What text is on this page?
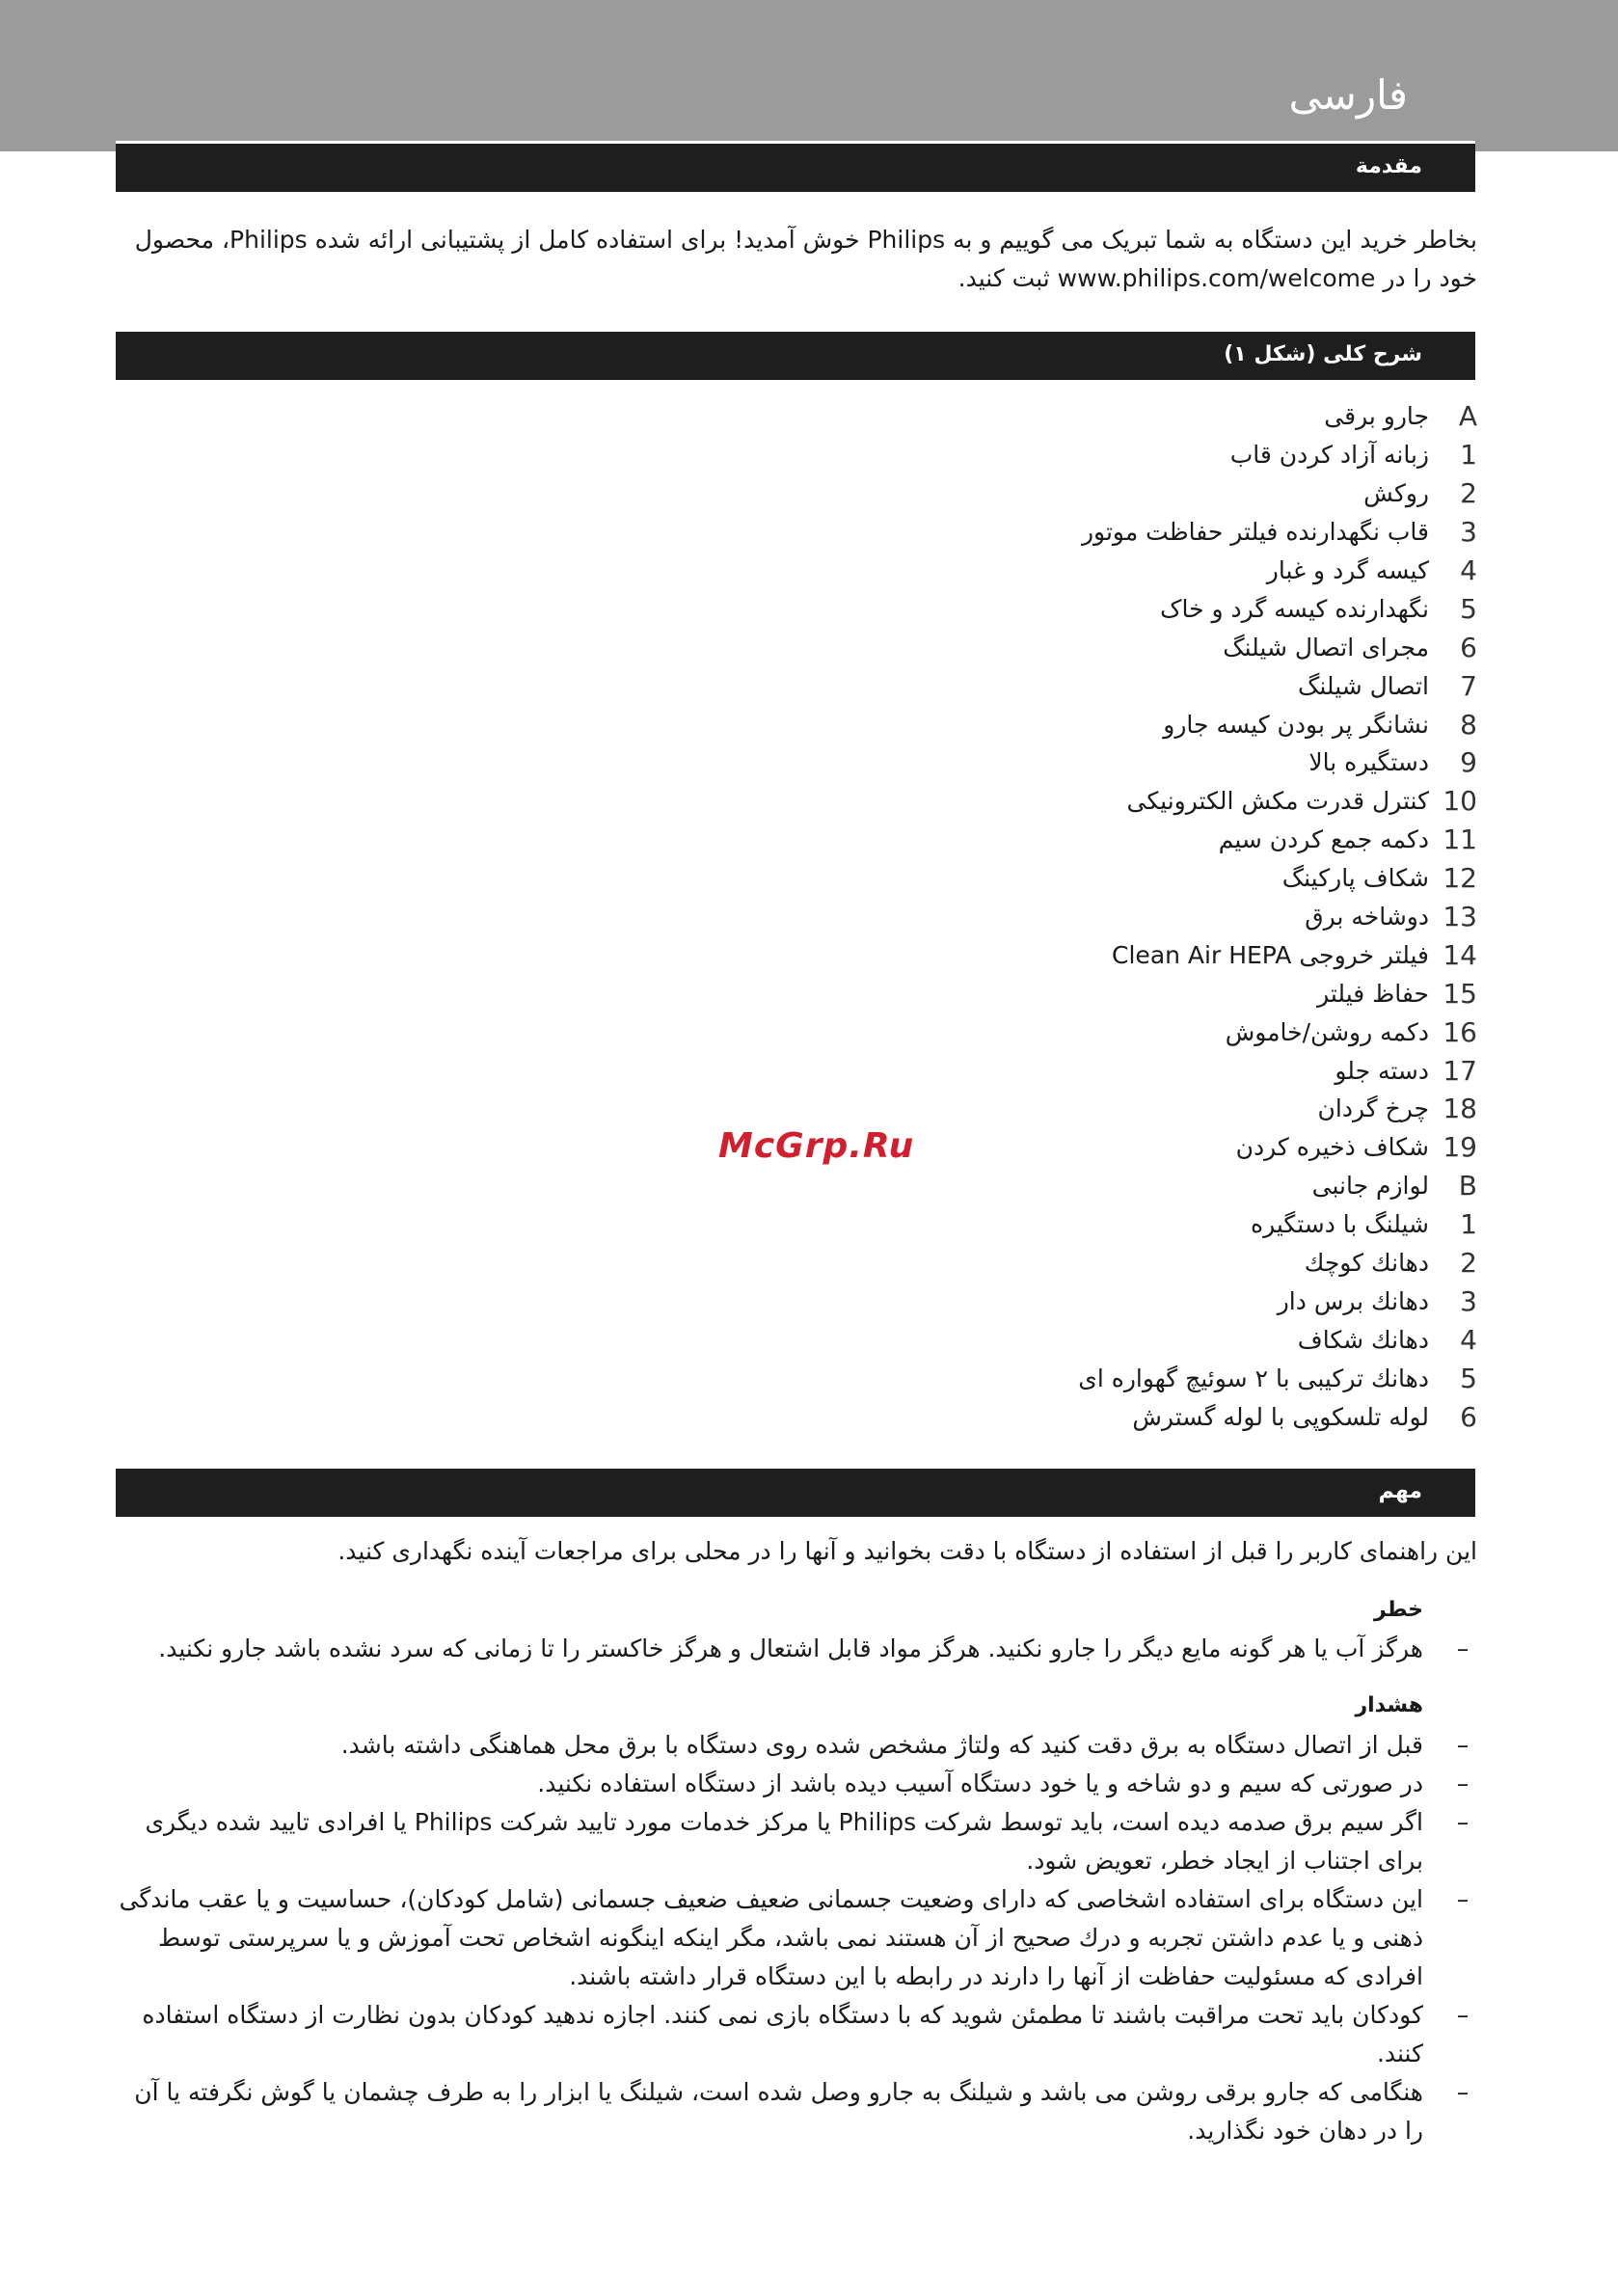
فارسی
مقدمة

بخاطر خرید این دستگاه به شما تبریک می گوییم و به Philips خوش آمدید! برای استفاده کامل از پشتیبانی ارائه شده Philips، محصول خود را در www.philips.com/welcome ثبت کنید.

شرح کلی (شکل ۱)
جارو برقی	A
زبانه آزاد کردن قاب	1
روکش	2
قاب نگهدارنده فیلتر حفاظت موتور	3
کیسه گرد و غبار	4
نگهدارنده کیسه گرد و خاک	5
مجرای اتصال شیلنگ	6
اتصال شیلنگ	7
نشانگر پر بودن کیسه جارو	8
دستگیره بالا	9
کنترل قدرت مکش الکترونیکی 10
دکمه جمع کردن سیم 11
شکاف پارکینگ 12
دوشاخه برق 13
فیلتر خروجی Clean Air HEPA 14
حفاظ فیلتر 15
دکمه روشن/خاموش 16
دسته جلو 17
چرخ گردان 18
شکاف ذخیره کردن 19
لوازم جانبی	B
شیلنگ با دستگیره	1
دهانك کوچك	2
دهانك برس دار	3
دهانك شکاف	4
دهانك ترکیبی با ۲ سوئیچ گهواره ای	5
لوله تلسکوپی با لوله گسترش	6
McGrp.Ru
مهم

این راهنمای کاربر را قبل از استفاده از دستگاه با دقت بخوانید و آنها را در محلی برای مراجعات آینده نگهداری کنید.

خطر
–
هرگز آب یا هر گونه مایع دیگر را جارو نکنید. هرگز مواد قابل اشتعال و هرگز خاکستر را تا زمانی که سرد نشده باشد جارو نکنید.
هشدار
–
قبل از اتصال دستگاه به برق دقت کنید که ولتاژ مشخص شده روی دستگاه با برق محل هماهنگی داشته باشد.
–
در صورتی که سیم و دو شاخه و یا خود دستگاه آسیب دیده باشد از دستگاه استفاده نکنید.
–
اگر سیم برق صدمه دیده است، باید توسط شرکت Philips یا مرکز خدمات مورد تایید شرکت Philips یا افرادی تایید شده دیگری برای اجتناب از ایجاد خطر، تعویض شود.
–
این دستگاه برای استفاده اشخاصی که دارای وضعیت جسمانی ضعیف ضعیف جسمانی (شامل کودکان)، حساسیت و یا عقب ماندگی ذهنی و یا عدم داشتن تجربه و درك صحیح از آن هستند نمی باشد، مگر اینکه اینگونه اشخاص تحت آموزش و یا سرپرستی توسط افرادی که مسئولیت حفاظت از آنها را دارند در رابطه با این دستگاه قرار داشته باشند.
–
کودکان باید تحت مراقبت باشند تا مطمئن شوید که با دستگاه بازی نمی کنند. اجازه ندهید کودکان بدون نظارت از دستگاه استفاده کنند.
–
هنگامی که جارو برقی روشن می باشد و شیلنگ به جارو وصل شده است، شیلنگ یا ابزار را به طرف چشمان یا گوش نگرفته یا آن را در دهان خود نگذارید.
